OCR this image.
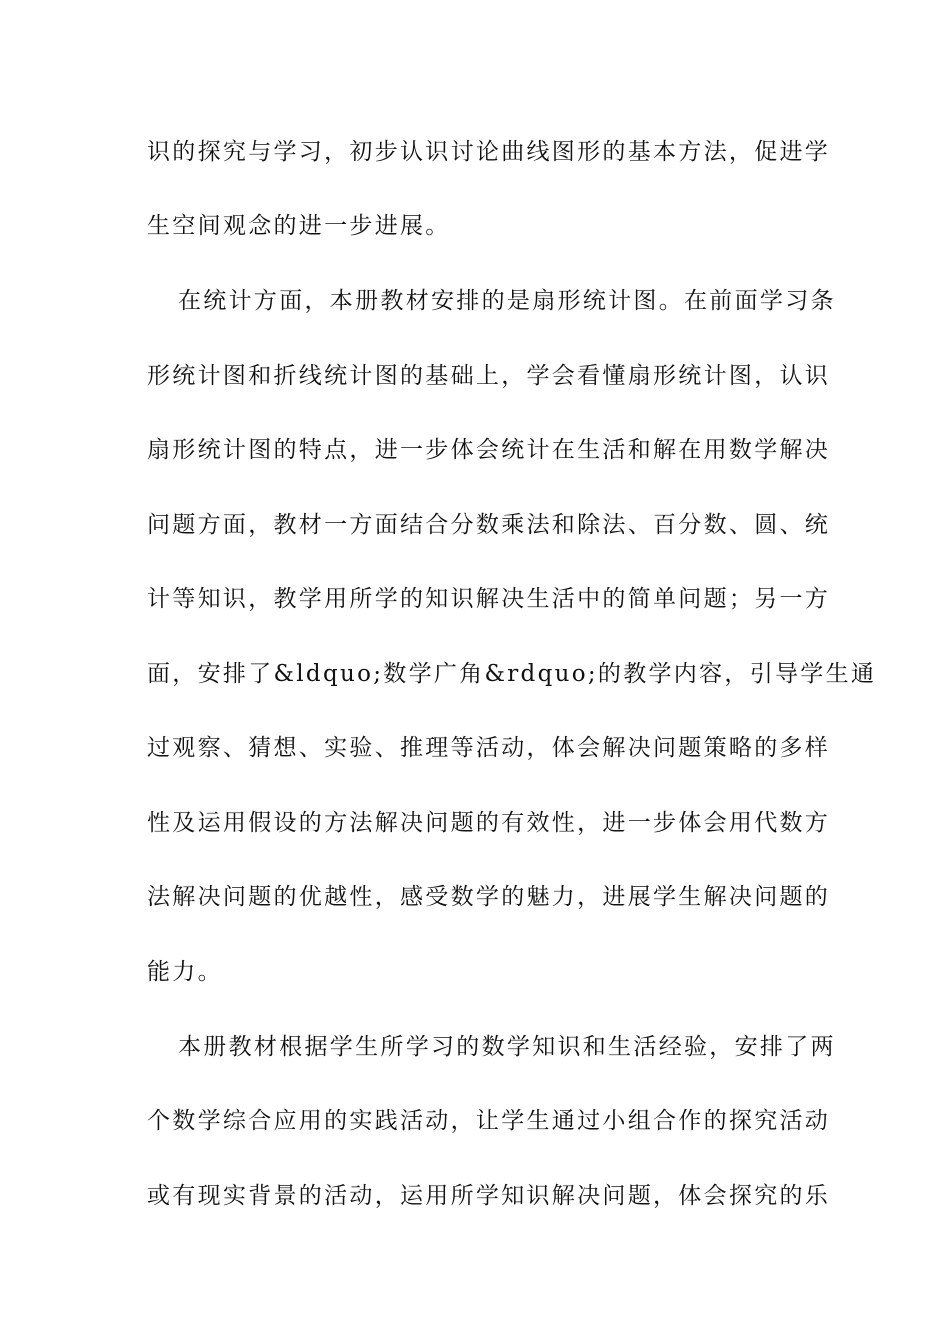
识的探究与学习，初步认识讨论曲线图形的基本方法，促进学
生空间观念的进一步进展。
在统计方面，本册教材安排的是扇形统计图。在前面学习条
形统计图和折线统计图的基础上，学会看懂扇形统计图，认识
扇形统计图的特点，进一步体会统计在生活和解在用数学解决
问题方面，教材一方面结合分数乘法和除法、百分数、圆、统
计等知识，教学用所学的知识解决生活中的简单问题；另一方
面，安排了&ldquo;数学广角&rdquo;的教学内容，引导学生通
过观察、猜想、实验、推理等活动，体会解决问题策略的多样
性及运用假设的方法解决问题的有效性，进一步体会用代数方
法解决问题的优越性，感受数学的魅力，进展学生解决问题的
能力。
本册教材根据学生所学习的数学知识和生活经验，安排了两
个数学综合应用的实践活动，让学生通过小组合作的探究活动
或有现实背景的活动，运用所学知识解决问题，体会探究的乐
